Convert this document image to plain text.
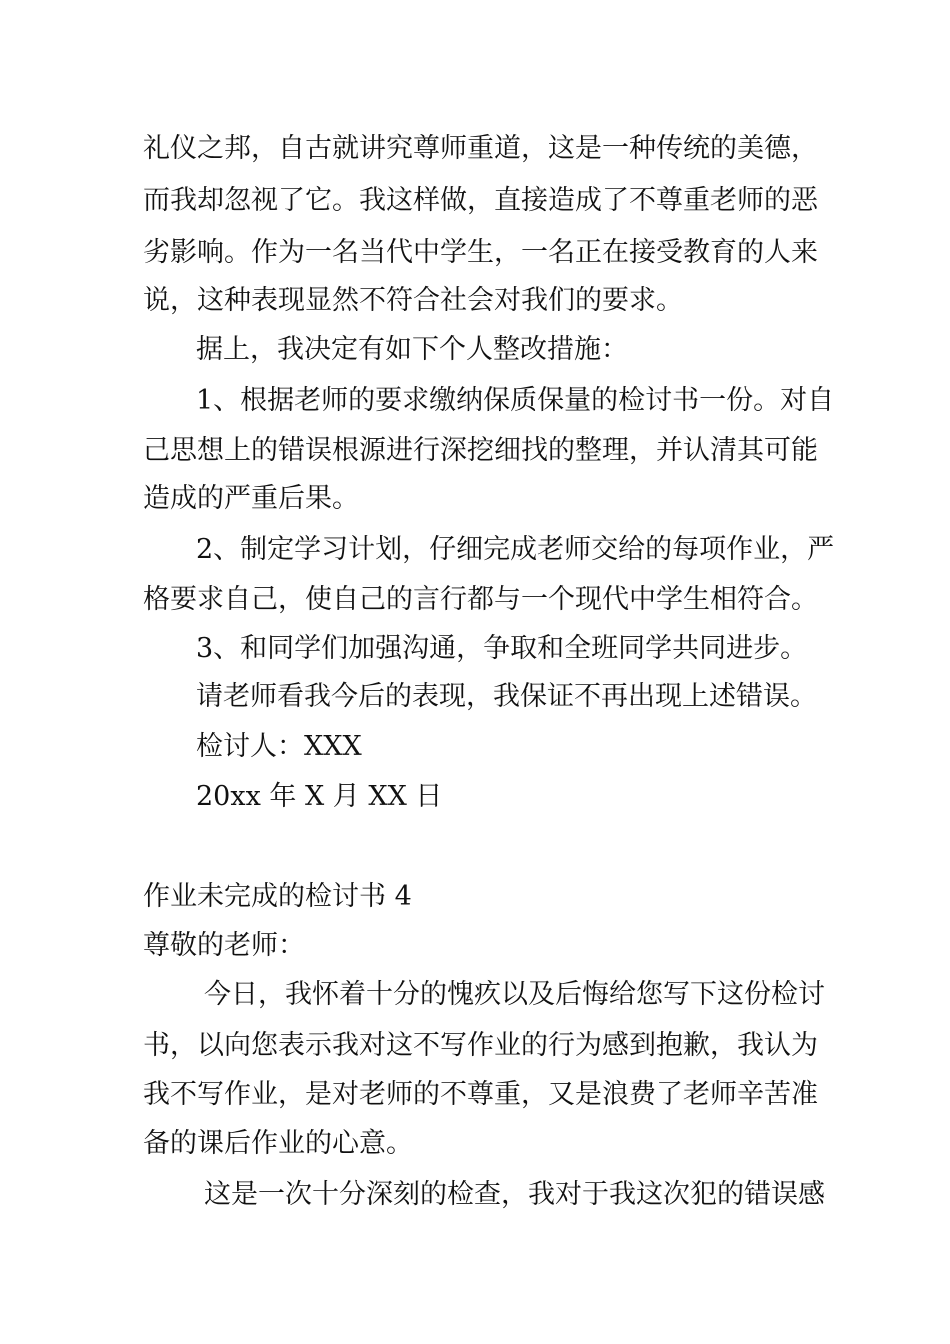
礼仪之邦，自古就讲究尊师重道，这是一种传统的美德，
而我却忽视了它。我这样做，直接造成了不尊重老师的恶
劣影响。作为一名当代中学生，一名正在接受教育的人来
说，这种表现显然不符合社会对我们的要求。
据上，我决定有如下个人整改措施：
1、根据老师的要求缴纳保质保量的检讨书一份。对自
己思想上的错误根源进行深挖细找的整理，并认清其可能
造成的严重后果。
2、制定学习计划，仔细完成老师交给的每项作业，严
格要求自己，使自己的言行都与一个现代中学生相符合。
3、和同学们加强沟通，争取和全班同学共同进步。
请老师看我今后的表现，我保证不再出现上述错误。
检讨人：XXX
20xx 年 X 月 XX 日
作业未完成的检讨书 4
尊敬的老师：
今日，我怀着十分的愧疚以及后悔给您写下这份检讨
书，以向您表示我对这不写作业的行为感到抱歉，我认为
我不写作业，是对老师的不尊重，又是浪费了老师辛苦准
备的课后作业的心意。
这是一次十分深刻的检查，我对于我这次犯的错误感
